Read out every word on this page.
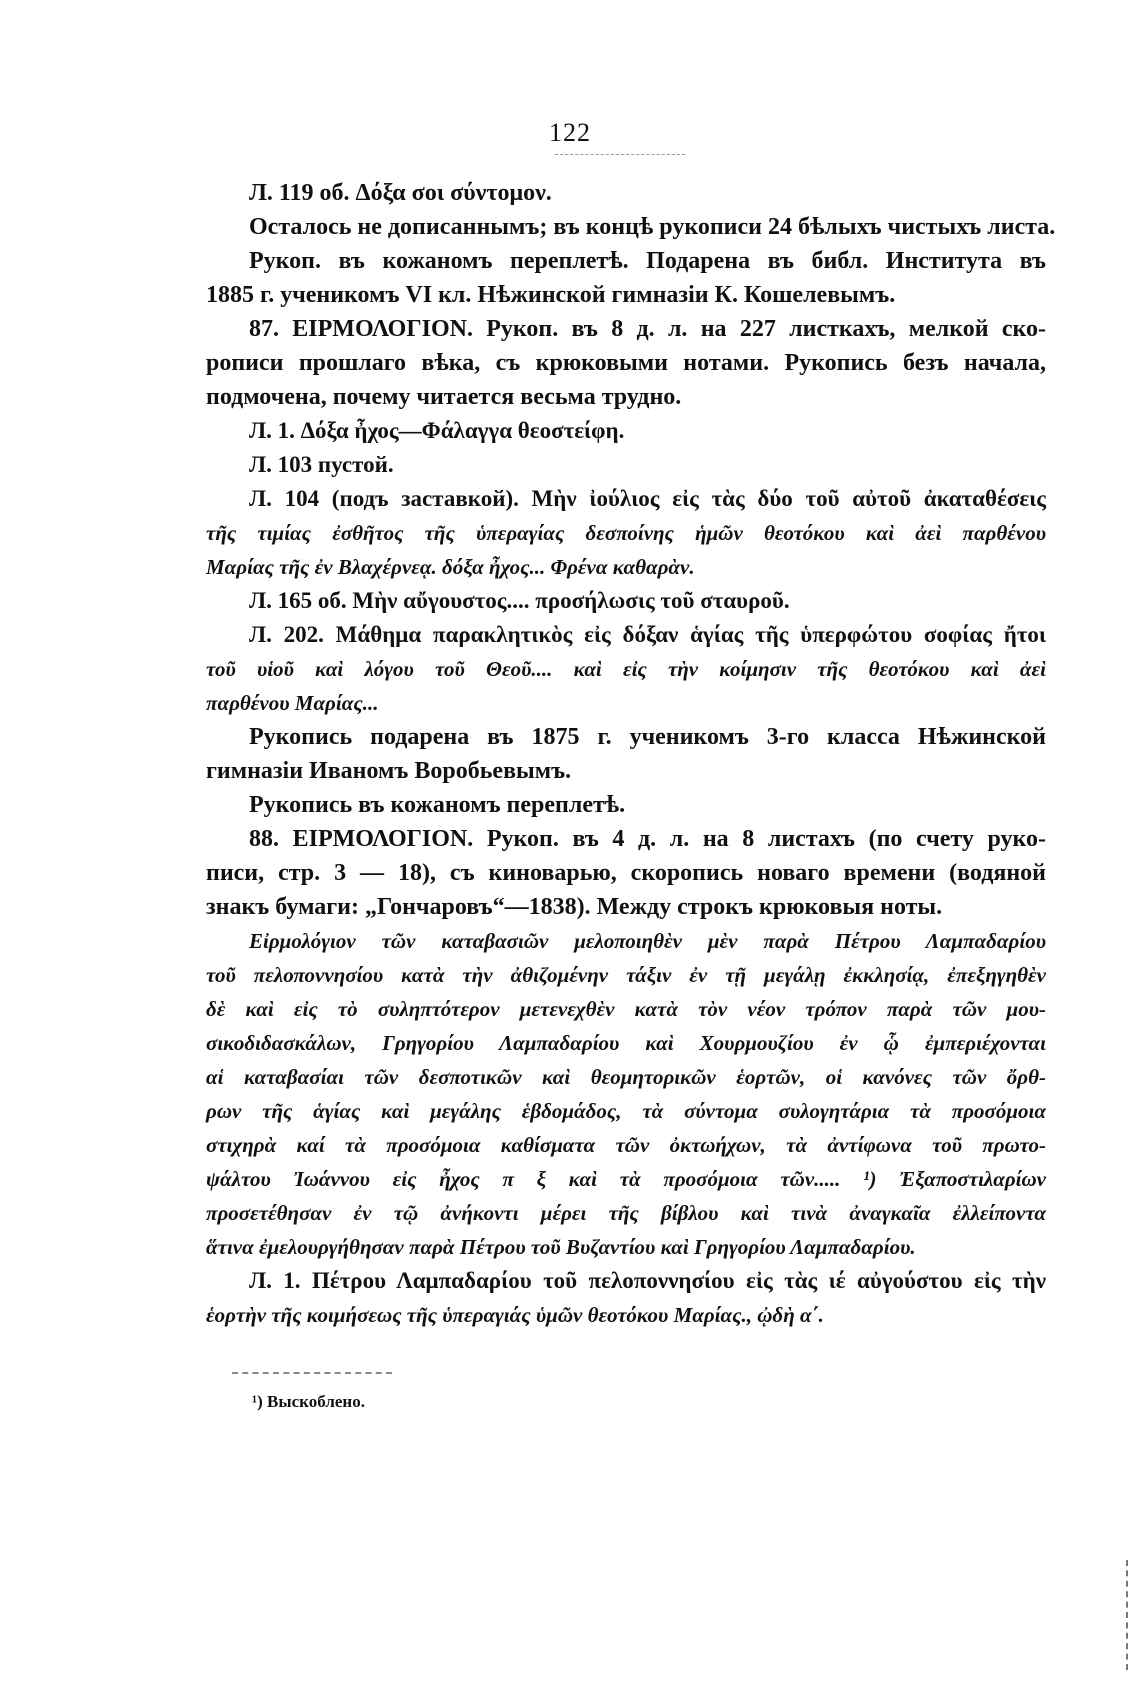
122
Л. 119 об. Δόξα σοι σύντομον.
Осталось не дописаннымъ; въ концѣ рукописи 24 бѣлыхъ чистыхъ листа.
Рукоп. въ кожаномъ переплетѣ. Подарена въ библ. Института въ
1885 г. ученикомъ VI кл. Нѣжинской гимназіи К. Кошелевымъ.
87. ΕΙΡΜΟΛΟΓΙΟΝ. Рукоп. въ 8 д. л. на 227 листкахъ, мелкой ско-
рописи прошлаго вѣка, съ крюковыми нотами. Рукопись безъ начала,
подмочена, почему читается весьма трудно.
Л. 1. Δόξα ἦχος—Φάλαγγα θεοστείφη.
Л. 103 пустой.
Л. 104 (подъ заставкой). Μὴν ἰούλιος εἰς τὰς δύο τοῦ αὐτοῦ ἀκαταθέσεις
τῆς τιμίας ἐσθῆτος τῆς ὑπεραγίας δεσποίνης ἡμῶν θεοτόκου καὶ ἀεὶ παρθένου
Μαρίας τῆς ἐν Βλαχέρνεᾳ. δόξα ἦχος... Φρένα καθαρὰν.
Л. 165 об. Μὴν αὔγουστος.... προσήλωσις τοῦ σταυροῦ.
Л. 202. Μάθημα παρακλητικὸς εἰς δόξαν ἁγίας τῆς ὑπερφώτου σοφίας ἤτοι
τοῦ υἱοῦ καὶ λόγου τοῦ Θεοῦ.... καὶ εἰς τὴν κοίμησιν τῆς θεοτόκου καὶ ἀεὶ
παρθένου Μαρίας...
Рукопись подарена въ 1875 г. ученикомъ 3-го класса Нѣжинской
гимназіи Иваномъ Воробьевымъ.
Рукопись въ кожаномъ переплетѣ.
88. ΕΙΡΜΟΛΟΓΙΟΝ. Рукоп. въ 4 д. л. на 8 листахъ (по счету руко-
писи, стр. 3 — 18), съ киноварью, скоропись новаго времени (водяной
знакъ бумаги: „Гончаровъ“—1838). Между строкъ крюковыя ноты.
Εἰρμολόγιον τῶν καταβασιῶν μελοποιηθὲν μὲν παρὰ Πέτρου Λαμπαδαρίου
τοῦ πελοποννησίου κατὰ τὴν ἀθιζομένην τάξιν ἐν τῇ μεγάλῃ ἐκκλησίᾳ, ἐπεξηγηθὲν
δὲ καὶ εἰς τὸ συληπτότερον μετενεχθὲν κατὰ τὸν νέον τρόπον παρὰ τῶν μου-
σικοδιδασκάλων, Γρηγορίου Λαμπαδαρίου καὶ Χουρμουζίου ἐν ᾧ ἐμπεριέχονται
αἱ καταβασίαι τῶν δεσποτικῶν καὶ θεομητορικῶν ἑορτῶν, οἱ κανόνες τῶν ὄρθ-
ρων τῆς ἁγίας καὶ μεγάλης ἑβδομάδος, τὰ σύντομα συλογητάρια τὰ προσόμοια
στιχηρὰ καί τὰ προσόμοια καθίσματα τῶν ὀκτωήχων, τὰ ἀντίφωνα τοῦ πρωτο-
ψάλτου Ἰωάννου εἰς ἦχος π ξ καὶ τὰ προσόμοια τῶν..... ¹) Ἐξαποστιλαρίων
προσετέθησαν ἐν τῷ ἀνήκοντι μέρει τῆς βίβλου καὶ τινὰ ἀναγκαῖα ἐλλείποντα
ἅτινα ἐμελουργήθησαν παρὰ Πέτρου τοῦ Βυζαντίου καὶ Γρηγορίου Λαμπαδαρίου.
Л. 1. Πέτρου Λαμπαδαρίου τοῦ πελοποννησίου εἰς τὰς ιέ αὐγούστου εἰς τὴν
ἑορτὴν τῆς κοιμήσεως τῆς ὑπεραγιάς ὑμῶν θεοτόκου Μαρίας., ᾠδὴ α΄.
¹) Выскоблено.
